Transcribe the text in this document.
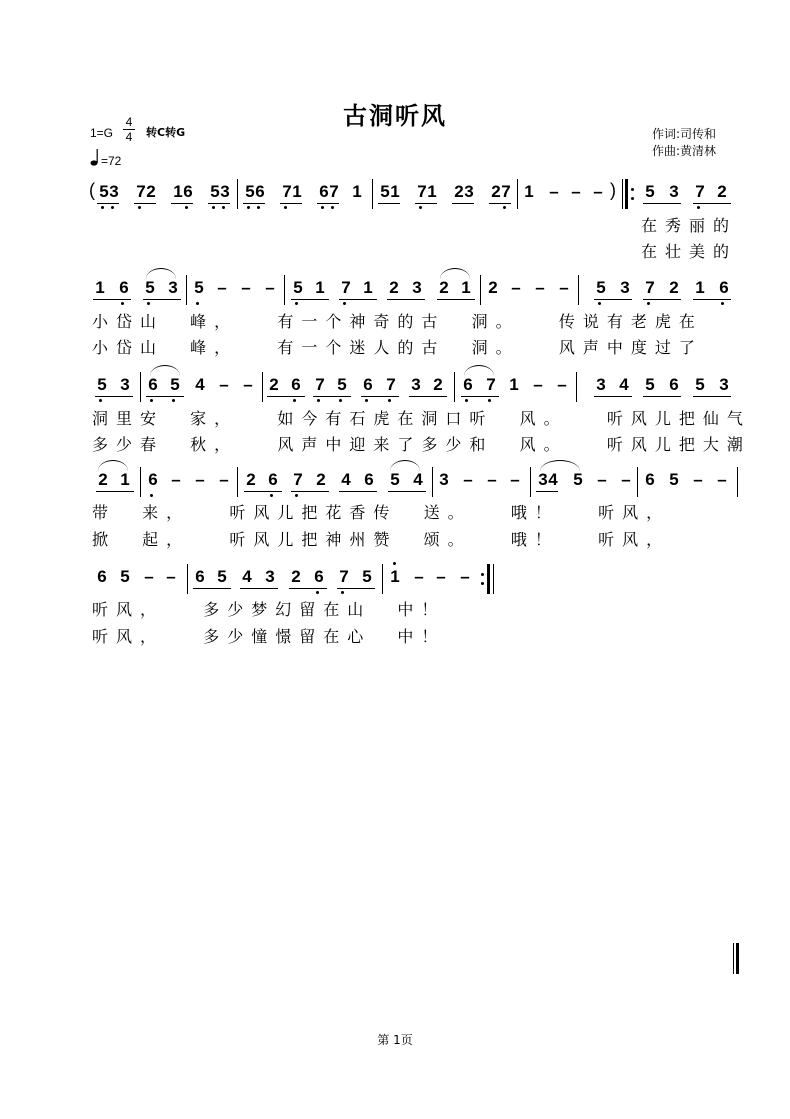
古洞听风
1=G
4
4 转C转G
=72
作词:司传和
作曲:黄清林
( 5 3 7 2 1 6 5 3 5 6 7 1 6 7 1 5 1 7 1 2 3 2 7 1 – – – ) 5 3 7 2
在秀丽的
在壮美的
1 6 5 3 5 – – – 5 1 7 1 2 3 2 1 2 – – – 5 3 7 2 1 6
小岱山  峰，   有一个神奇的古  洞。   传说有老虎在
小岱山  峰，   有一个迷人的古  洞。   风声中度过了
5 3 6 5 4 – – 2 6 7 5 6 7 3 2 6 7 1 – – 3 4 5 6 5 3
洞里安  家，   如今有石虎在洞口听  风。   听风儿把仙气
多少春  秋，   风声中迎来了多少和  风。   听风儿把大潮
2 1 6 – – – 2 6 7 2 4 6 5 4 3 – – – 3 4 5 – – 6 5 – –
带  来，   听风儿把花香传  送。   哦！   听风，
掀  起，   听风儿把神州赞  颂。   哦！   听风，
6 5 – – 6 5 4 3 2 6 7 5 1 – – –
听风，   多少梦幻留在山  中！
听风，   多少憧憬留在心  中！
第 1页
